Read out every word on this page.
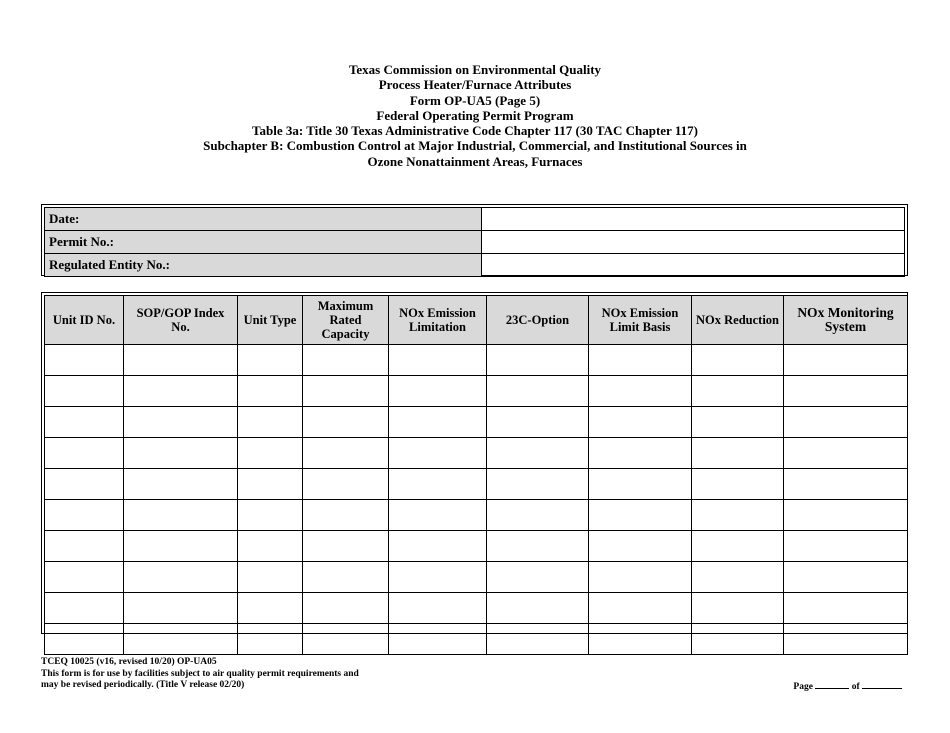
Texas Commission on Environmental Quality
Process Heater/Furnace Attributes
Form OP-UA5 (Page 5)
Federal Operating Permit Program
Table 3a: Title 30 Texas Administrative Code Chapter 117 (30 TAC Chapter 117)
Subchapter B: Combustion Control at Major Industrial, Commercial, and Institutional Sources in
Ozone Nonattainment Areas, Furnaces
Date:	
Permit No.:	
Regulated Entity No.:	
Unit ID No.	SOP/GOP Index No.	Unit Type	Maximum Rated Capacity	NOx Emission Limitation	23C-Option	NOx Emission Limit Basis	NOx Reduction	NOx Monitoring System

TCEQ 10025 (v16, revised 10/20) OP-UA05
This form is for use by facilities subject to air quality permit requirements and
may be revised periodically. (Title V release 02/20)	Page	of
